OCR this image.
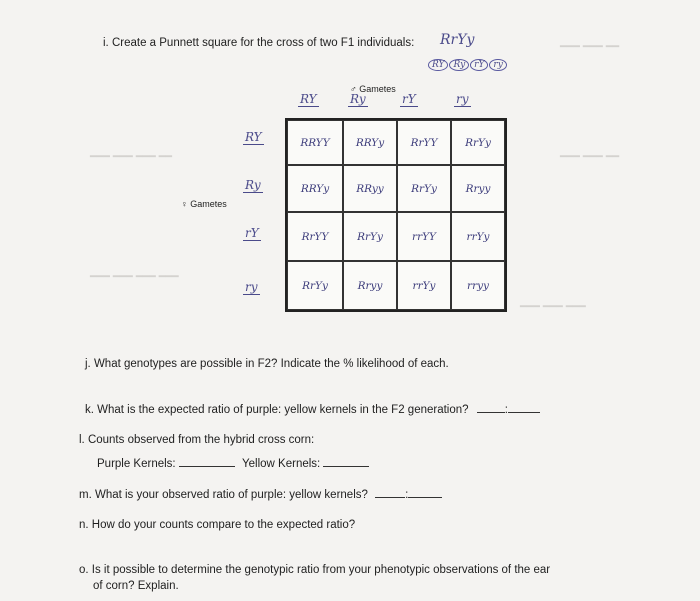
━━━ ━━━ ━━
━━━ ━━━ ━━
━━━ ━━━ ━━━
━━━ ━━━ ━━━ ━━
━━━ ━━━ ━━━ ━━━
i. Create a Punnett square for the cross of two F1 individuals: RrYy
RY Ry rY ry
♂ Gametes
RY	Ry	rY	ry
RY
Ry
rY
ry
♀ Gametes
RRYY	RRYy	RrYY	RrYy
RRYy	RRyy	RrYy	Rryy
RrYY	RrYy	rrYY	rrYy
RrYy	Rryy	rrYy	rryy
j. What genotypes are possible in F2? Indicate the % likelihood of each.
k. What is the expected ratio of purple: yellow kernels in the F2 generation?	:
l. Counts observed from the hybrid cross corn:
Purple Kernels:	Yellow Kernels:
m. What is your observed ratio of purple: yellow kernels?	:
n. How do your counts compare to the expected ratio?
o. Is it possible to determine the genotypic ratio from your phenotypic observations of the ear
of corn? Explain.
